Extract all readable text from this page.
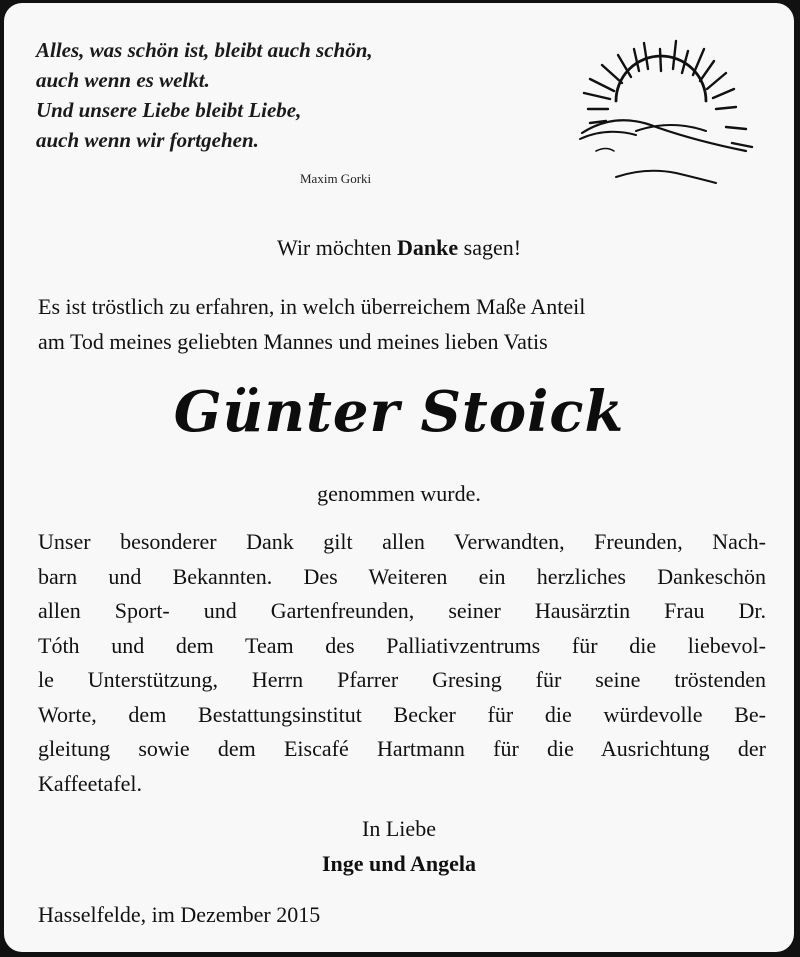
Alles, was schön ist, bleibt auch schön,
auch wenn es welkt.
Und unsere Liebe bleibt Liebe,
auch wenn wir fortgehen.
Maxim Gorki
Wir möchten Danke sagen!
Es ist tröstlich zu erfahren, in welch überreichem Maße Anteil
am Tod meines geliebten Mannes und meines lieben Vatis
Günter Stoick
genommen wurde.
Unser besonderer Dank gilt allen Verwandten, Freunden, Nach-
barn und Bekannten. Des Weiteren ein herzliches Dankeschön
allen Sport- und Gartenfreunden, seiner Hausärztin Frau Dr.
Tóth und dem Team des Palliativzentrums für die liebevol-
le Unterstützung, Herrn Pfarrer Gresing für seine tröstenden
Worte, dem Bestattungsinstitut Becker für die würdevolle Be-
gleitung sowie dem Eiscafé Hartmann für die Ausrichtung der
Kaffeetafel.
In Liebe
Inge und Angela
Hasselfelde, im Dezember 2015
